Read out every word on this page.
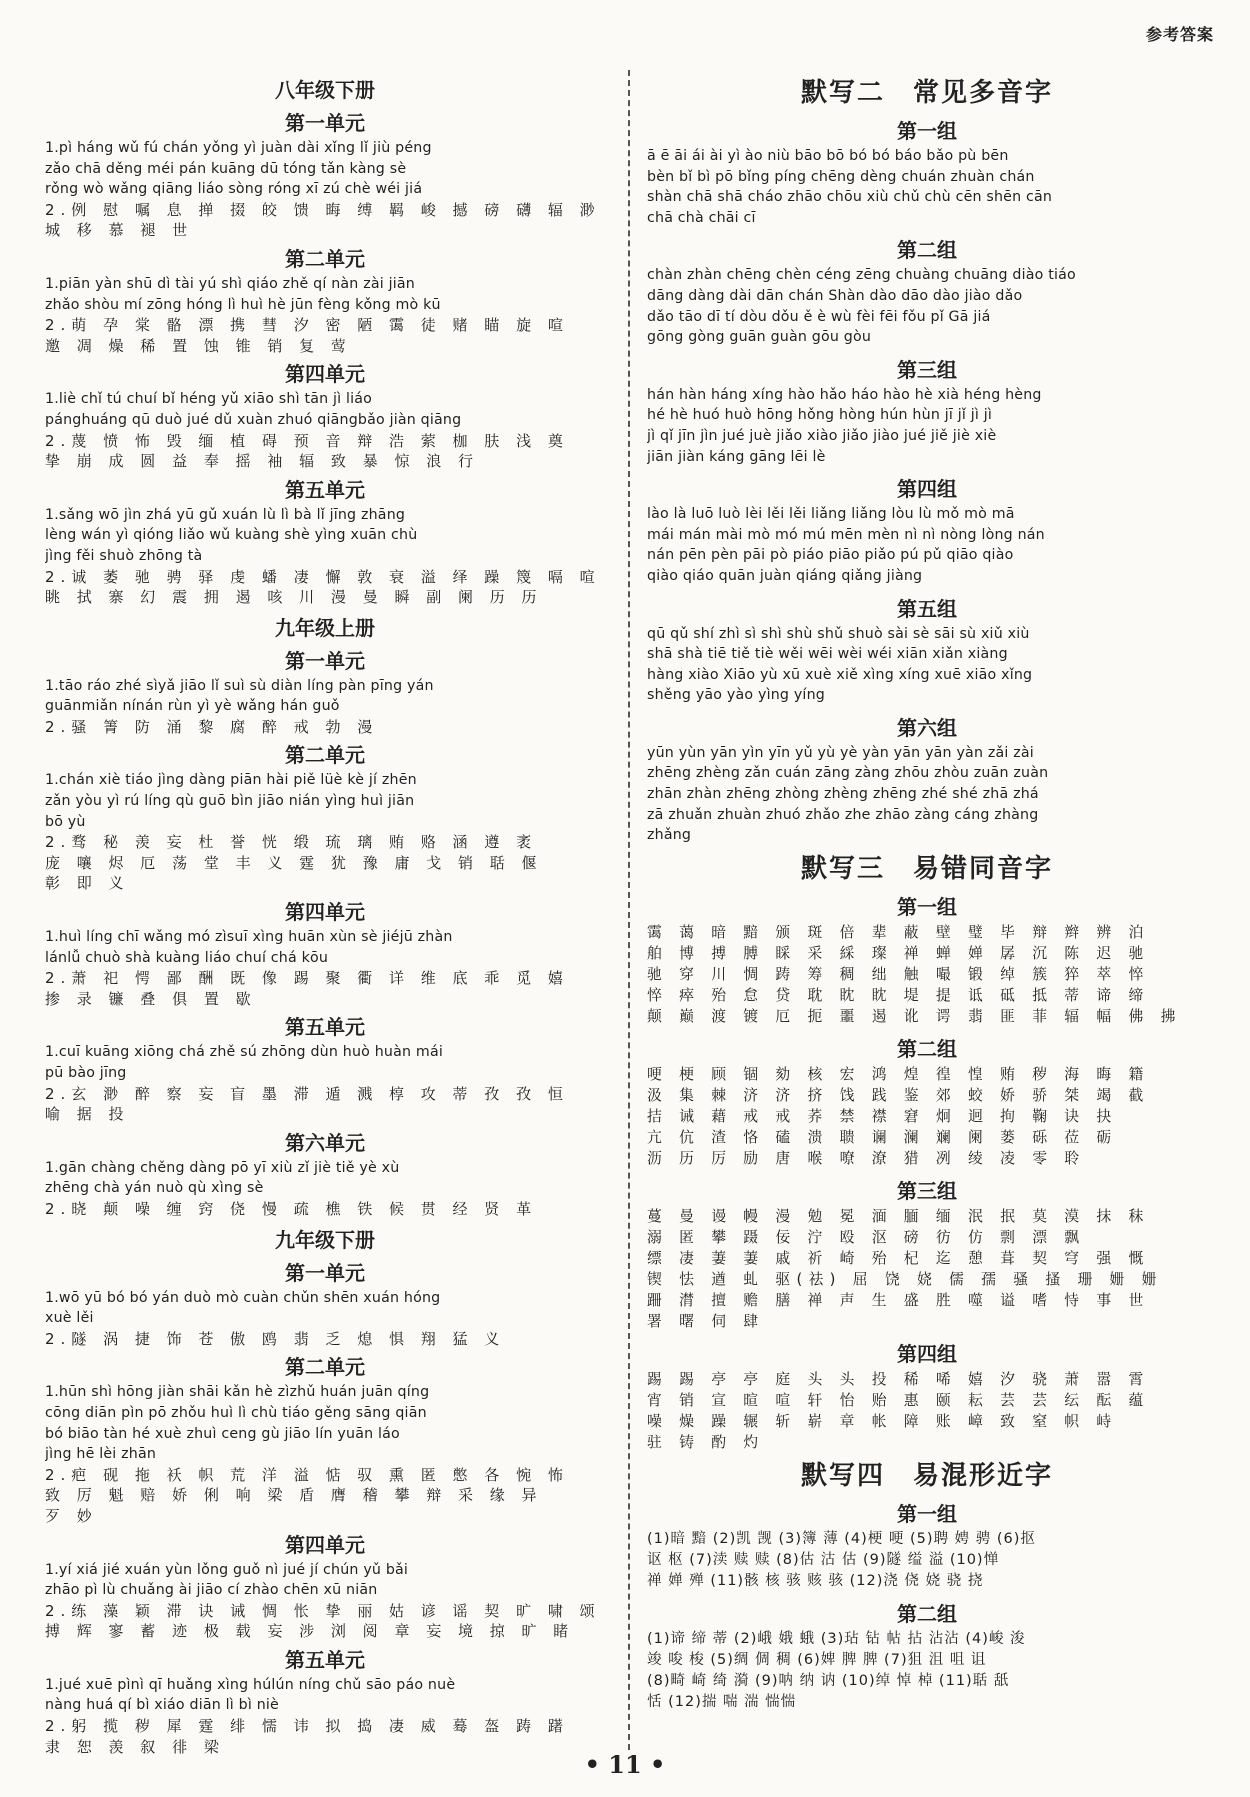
参考答案
八年级下册
第一单元
1.pì háng wǔ fú chán yǒng yì juàn dài xǐng lǐ jiù péng
zǎo chā děng méi pán kuāng dū tóng tǎn kàng sè
rǒng wò wǎng qiāng liáo sòng róng xī zú chè wéi jiá
2.例 慰 嘱 息 掸 掇 皎 馈 晦 缚 羁 峻 撼 磅 礴 辐 渺
城 移 慕 褪 世
第二单元
1.piān yàn shū dì tài yú shì qiáo zhě qí nàn zài jiān
zhǎo shòu mí zōng hóng lì huì hè jūn fèng kǒng mò kū
2.萌 孕 棠 骼 漂 携 彗 汐 密 陋 霭 徒 赌 瞄 旋 喧
邀 凋 燥 稀 置 蚀 锥 销 复 莺
第四单元
1.liè chǐ tú chuí bǐ héng yǔ xiāo shì tān jì liáo
pánghuáng qū duò jué dǔ xuàn zhuó qiāngbǎo jiàn qiāng
2.蔑 愤 怖 毁 缅 植 碍 预 音 辩 浩 萦 枷 肤 浅 奠
挚 崩 成 圆 益 奉 摇 袖 辐 致 暴 惊 浪 行
第五单元
1.sǎng wō jìn zhá yū gǔ xuán lù lì bà lǐ jīng zhāng
lèng wán yì qióng liǎo wǔ kuàng shè yìng xuān chù
jìng fěi shuò zhōng tà
2.诚 萎 驰 骋 驿 虔 蟠 凄 懈 敦 衰 溢 绎 躁 篾 嗝 喧
眺 拭 寨 幻 震 拥 遏 咳 川 漫 曼 瞬 副 阑 历 历
九年级上册
第一单元
1.tāo ráo zhé sìyǎ jiāo lǐ suì sù diàn líng pàn pīng yán
guānmiǎn nínán rùn yì yè wǎng hán guǒ
2.骚 箐 防 涌 黎 腐 醉 戒 勃 漫
第二单元
1.chán xiè tiáo jìng dàng piān hài piě lüè kè jí zhēn
zǎn yòu yì rú líng qù guō bìn jiāo nián yìng huì jiān
bō yù
2.骛 秘 羡 妄 杜 誉 恍 缎 琉 璃 贿 赂 涵 遵 袤
庞 嚷 烬 厄 荡 堂 丰 义 霆 犹 豫 庸 戈 销 聒 偃
彰 即 义
第四单元
1.huì líng chī wǎng mó zìsuī xìng huān xùn sè jiéjū zhàn
lánlǚ chuò shà kuàng liáo chuí chá kōu
2.萧 祀 愕 鄙 酬 既 像 踢 聚 衢 详 维 底 乖 觅 嬉
掺 录 镰 叠 俱 置 歇
第五单元
1.cuī kuāng xiōng chá zhě sú zhōng dùn huò huàn mái
pū bào jīng
2.玄 渺 醉 察 妄 盲 墨 滞 遁 溅 椁 攻 蒂 孜 孜 恒
喻 据 投
第六单元
1.gān chàng chěng dàng pō yī xiù zǐ jiè tiě yè xù
zhēng chà yán nuò qù xìng sè
2.晓 颠 噪 缠 窍 侥 慢 疏 樵 铁 候 贯 经 贤 革
九年级下册
第一单元
1.wō yū bó bó yán duò mò cuàn chǔn shēn xuán hóng
xuè lěi
2.隧 涡 捷 饰 苍 傲 鸥 翡 乏 熄 惧 翔 猛 义
第二单元
1.hūn shì hōng jiàn shāi kǎn hè zìzhǔ huán juān qíng
cōng diān pìn pō zhǒu huì lì chù tiáo gěng sāng qiān
bó biāo tàn hé xuè zhuì ceng gù jiāo lín yuān láo
jìng hē lèi zhān
2.疤 砚 拖 袄 帜 荒 洋 溢 惦 驭 熏 匿 憋 各 惋 怖
致 厉 魁 赔 娇 俐 响 梁 盾 膺 稽 攀 辩 采 缘 异
歹 妙
第四单元
1.yí xiá jié xuán yùn lǒng guǒ nì jué jí chún yǔ bǎi
zhāo pì lù chuǎng ài jiāo cí zhào chēn xū niān
2.练 藻 颖 滞 诀 诫 惆 怅 挚 丽 姑 谚 谣 契 旷 啸 颂
搏 辉 寥 蓄 迹 极 载 妄 涉 浏 阅 章 妄 境 掠 旷 睹
第五单元
1.jué xuē pìnì qī huǎng xìng húlún níng chǔ sāo páo nuè
nàng huá qí bì xiáo diān lì bì niè
2.躬 揽 秽 犀 霆 绯 懦 讳 拟 捣 凄 威 蓦 盔 踌 躇
隶 恕 羡 叙 徘 梁
默写二　常见多音字
第一组
ā ē āi ái ài yì ào niù bāo bō bó bó báo bǎo pù bēn
bèn bǐ bì pō bǐng píng chēng dèng chuán zhuàn chán
shàn chā shā cháo zhāo chōu xiù chǔ chù cēn shēn cān
chā chà chāi cī
第二组
chàn zhàn chēng chèn céng zēng chuàng chuāng diào tiáo
dāng dàng dài dān chán Shàn dào dāo dào jiào dǎo
dǎo tāo dī tí dòu dǒu ě è wù fèi fēi fǒu pǐ Gā jiá
gōng gòng guān guàn gōu gòu
第三组
hán hàn háng xíng hào hǎo háo hào hè xià héng hèng
hé hè huó huò hōng hǒng hòng hún hùn jī jǐ jì jì
jì qǐ jīn jìn jué juè jiǎo xiào jiǎo jiào jué jiě jiè xiè
jiān jiàn káng gāng lēi lè
第四组
lào là luō luò lèi lěi lěi liǎng liǎng lòu lù mǒ mò mā
mái mán mài mò mó mú mēn mèn nì nì nòng lòng nán
nán pēn pèn pāi pò piáo piāo piǎo pú pǔ qiāo qiào
qiào qiáo quān juàn qiáng qiǎng jiàng
第五组
qū qǔ shí zhì sì shì shù shǔ shuò sài sè sāi sù xiǔ xiù
shā shà tiē tiě tiè wěi wēi wèi wéi xiān xiǎn xiàng
hàng xiào Xiāo yù xū xuè xiě xìng xíng xuē xiāo xǐng
shěng yāo yào yìng yíng
第六组
yūn yùn yān yìn yīn yǔ yù yè yàn yān yān yàn zǎi zài
zhēng zhèng zǎn cuán zāng zàng zhōu zhòu zuān zuàn
zhān zhàn zhēng zhòng zhèng zhēng zhé shé zhā zhá
zā zhuǎn zhuàn zhuó zhǎo zhe zhāo zàng cáng zhàng
zhǎng
默写三　易错同音字
第一组
霭 蔼 暗 黯 颁 斑 倍 辈 蔽 壁 璧 毕 辩 辫 辨 泊
舶 博 搏 膊 睬 采 綵 璨 禅 蝉 婵 孱 沉 陈 迟 驰
驰 穿 川 惆 踌 筹 稠 绌 触 嘬 锻 绰 簇 猝 萃 悴
悴 瘁 殆 怠 贷 耽 眈 眈 堤 提 诋 砥 抵 蒂 谛 缔
颠 巅 渡 镀 厄 扼 噩 遏 讹 谔 翡 匪 菲 辐 幅 佛 拂
第二组
哽 梗 顾 锢 劾 核 宏 鸿 煌 徨 惶 贿 秽 海 晦 籍
汲 集 棘 济 济 挤 饯 践 鉴 郊 蛟 娇 骄 桀 竭 截
拮 诫 藉 戒 戒 荞 禁 襟 窘 炯 迥 拘 鞠 诀 抉
亢 伉 渣 恪 磕 溃 聩 谰 澜 斓 阑 蒌 砾 莅 砺
沥 历 厉 励 唐 喉 嘹 潦 猎 冽 绫 凌 零 聆
第三组
蔓 曼 谩 幔 漫 勉 冕 湎 腼 缅 泯 抿 莫 漠 抹 秣
溺 匿 攀 蹑 佞 泞 殴 沤 磅 彷 仿 剽 漂 飘
缥 凄 萋 萋 戚 祈 崎 殆 杞 迄 憩 葺 契 穹 强 慨
锲 怯 遒 虬 驱(祛) 屈 饶 娆 儒 孺 骚 搔 珊 姗 姗
跚 潸 擅 赡 膳 禅 声 生 盛 胜 噬 谥 嗜 恃 事 世
署 曙 伺 肆
第四组
踢 踢 亭 亭 庭 头 头 投 稀 唏 嬉 汐 骁 萧 嚣 霄
宵 销 宣 暄 喧 轩 怡 贻 惠 颐 耘 芸 芸 纭 酝 蕴
噪 燥 躁 辗 斩 崭 章 帐 障 账 嶂 致 窒 帜 峙
驻 铸 酌 灼
默写四　易混形近字
第一组
(1)暗 黯 (2)凯 觊 (3)簿 薄 (4)梗 哽 (5)聘 娉 骋 (6)抠
讴 枢 (7)渎 赎 赎 (8)估 沽 估 (9)隧 缢 溢 (10)惮
禅 婵 殚 (11)骸 核 骇 赅 骇 (12)浇 侥 娆 骁 挠
第二组
(1)谛 缔 蒂 (2)峨 娥 蛾 (3)玷 钻 帖 拈 沾沾 (4)峻 浚
竣 唆 梭 (5)绸 倜 稠 (6)婢 脾 脾 (7)狙 沮 咀 诅
(8)畸 崎 绮 漪 (9)呐 纳 讷 (10)绰 悼 棹 (11)聒 舐
恬 (12)揣 喘 湍 惴惴
• 11 •
